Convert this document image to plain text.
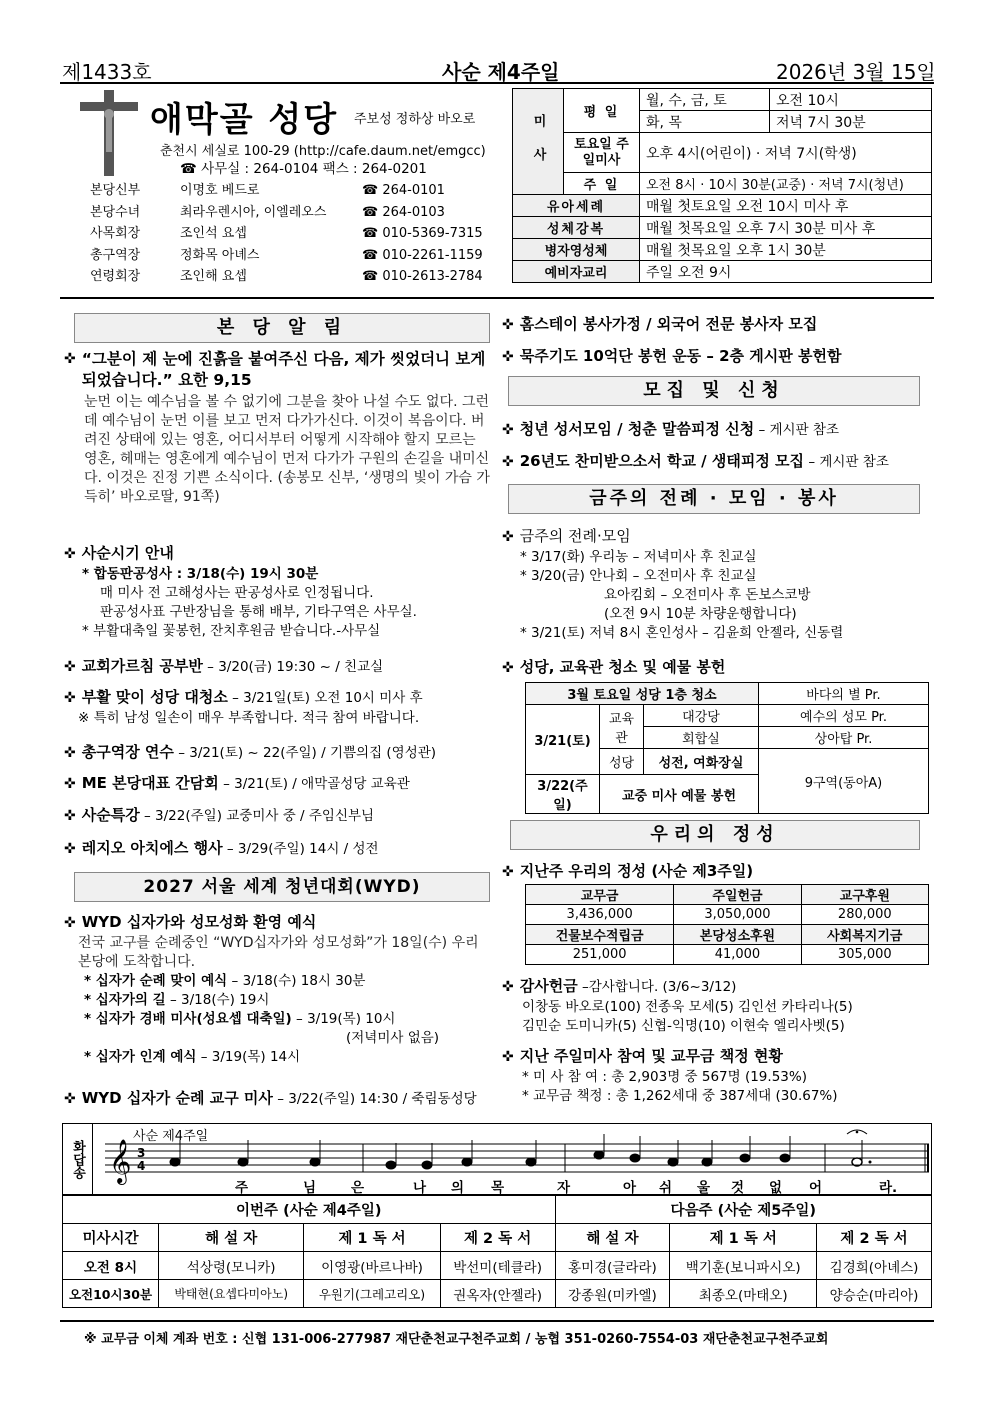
제1433호	사순 제4주일	2026년 3월 15일
애막골 성당 주보성 정하상 바오로
춘천시 세실로 100-29 (http://cafe.daum.net/emgcc)
☎ 사무실 : 264-0104 팩스 : 264-0201
본당신부	이명호 베드로	☎ 264-0101
본당수녀	최라우렌시아, 이엘레오스	☎ 264-0103
사목회장	조인석 요셉	☎ 010-5369-7315
총구역장	정화목 아녜스	☎ 010-2261-1159
연령회장	조인해 요셉	☎ 010-2613-2784
미 사	평 일	월, 수, 금, 토	오전 10시
		화, 목	저녁 7시 30분
	토요일 주일미사	오후 4시(어린이) · 저녁 7시(학생)	
	주 일	오전 8시 · 10시 30분(교중) · 저녁 7시(청년)	
유아세례		매월 첫토요일 오전 10시 미사 후	
성체강복		매월 첫목요일 오후 7시 30분 미사 후	
병자영성체		매월 첫목요일 오후 1시 30분	
예비자교리		주일 오전 9시	
본 당 알 림
✜ “그분이 제 눈에 진흙을 붙여주신 다음, 제가 씻었더니 보게 되었습니다.” 요한 9,15
눈먼 이는 예수님을 볼 수 없기에 그분을 찾아 나설 수도 없다. 그런데 예수님이 눈먼 이를 보고 먼저 다가가신다. 이것이 복음이다. 버려진 상태에 있는 영혼, 어디서부터 어떻게 시작해야 할지 모르는 영혼, 헤매는 영혼에게 예수님이 먼저 다가가 구원의 손길을 내미신다. 이것은 진정 기쁜 소식이다. (송봉모 신부, ‘생명의 빛이 가슴 가득히’ 바오로딸, 91쪽)
✜ 사순시기 안내
* 합동판공성사 : 3/18(수) 19시 30분
매 미사 전 고해성사는 판공성사로 인정됩니다.
판공성사표 구반장님을 통해 배부, 기타구역은 사무실.
* 부활대축일 꽃봉헌, 잔치후원금 받습니다.-사무실
✜ 교회가르침 공부반 – 3/20(금) 19:30 ~ / 친교실
✜ 부활 맞이 성당 대청소 – 3/21일(토) 오전 10시 미사 후
※ 특히 남성 일손이 매우 부족합니다. 적극 참여 바랍니다.
✜ 총구역장 연수 – 3/21(토) ~ 22(주일) / 기쁨의집 (영성관)
✜ ME 본당대표 간담회 – 3/21(토) / 애막골성당 교육관
✜ 사순특강 – 3/22(주일) 교중미사 중 / 주임신부님
✜ 레지오 아치에스 행사 – 3/29(주일) 14시 / 성전
2027 서울 세계 청년대회(WYD)
✜ WYD 십자가와 성모성화 환영 예식
전국 교구를 순례중인 “WYD십자가와 성모성화”가 18일(수) 우리 본당에 도착합니다.
* 십자가 순례 맞이 예식 – 3/18(수) 18시 30분
* 십자가의 길 – 3/18(수) 19시
* 십자가 경배 미사(성요셉 대축일) – 3/19(목) 10시
(저녁미사 없음)
* 십자가 인계 예식 – 3/19(목) 14시
✜ WYD 십자가 순례 교구 미사 – 3/22(주일) 14:30 / 죽림동성당
✜ 홈스테이 봉사가정 / 외국어 전문 봉사자 모집
✜ 묵주기도 10억단 봉헌 운동 – 2층 게시판 봉헌함
모집 및 신청
✜ 청년 성서모임 / 청춘 말씀피정 신청 – 게시판 참조
✜ 26년도 찬미받으소서 학교 / 생태피정 모집 – 게시판 참조
금주의 전례 · 모임 · 봉사
✜ 금주의 전례·모임
* 3/17(화) 우리농 – 저녁미사 후 친교실
* 3/20(금) 안나회 – 오전미사 후 친교실
요아킴회 – 오전미사 후 돈보스코방
(오전 9시 10분 차량운행합니다)
* 3/21(토) 저녁 8시 혼인성사 – 김윤희 안젤라, 신동렬
✜ 성당, 교육관 청소 및 예물 봉헌
3월 토요일 성당 1층 청소			바다의 별 Pr.
3/21(토)	교육관	대강당	예수의 성모 Pr.
		회합실	상아탑 Pr.
	성당	성전, 여화장실	9구역(동아A)
3/22(주일)	교중 미사 예물 봉헌		
우리의 정성
✜ 지난주 우리의 정성 (사순 제3주일)
교무금	주일헌금	교구후원
3,436,000	3,050,000	280,000
건물보수적립금	본당성소후원	사회복지기금
251,000	41,000	305,000
✜ 감사헌금 –감사합니다. (3/6~3/12)
이창동 바오로(100) 전종욱 모세(5) 김인선 카타리나(5)
김민순 도미니카(5) 신협-익명(10) 이현숙 엘리사벳(5)
✜ 지난 주일미사 참여 및 교무금 책정 현황
* 미 사 참 여 : 총 2,903명 중 567명 (19.53%)
* 교무금 책정 : 총 1,262세대 중 387세대 (30.67%)
화답송
사순 제4주일
𝄞 3
4
주	님	은	나 의 목	자	아 쉬 울 것 없 어	라.
이번주 (사순 제4주일)				다음주 (사순 제5주일)		
미사시간	해 설 자	제 1 독 서	제 2 독 서	해 설 자	제 1 독 서	제 2 독 서
오전 8시	석상령(모니카)	이영광(바르나바)	박선미(테클라)	홍미경(글라라)	백기훈(보니파시오)	김경희(아녜스)
오전10시30분	박태현(요셉다미아노)	우원기(그레고리오)	권옥자(안젤라)	강종원(미카엘)	최종오(마태오)	양승순(마리아)
※ 교무금 이체 계좌 번호 : 신협 131-006-277987 재단춘천교구천주교회 / 농협 351-0260-7554-03 재단춘천교구천주교회
